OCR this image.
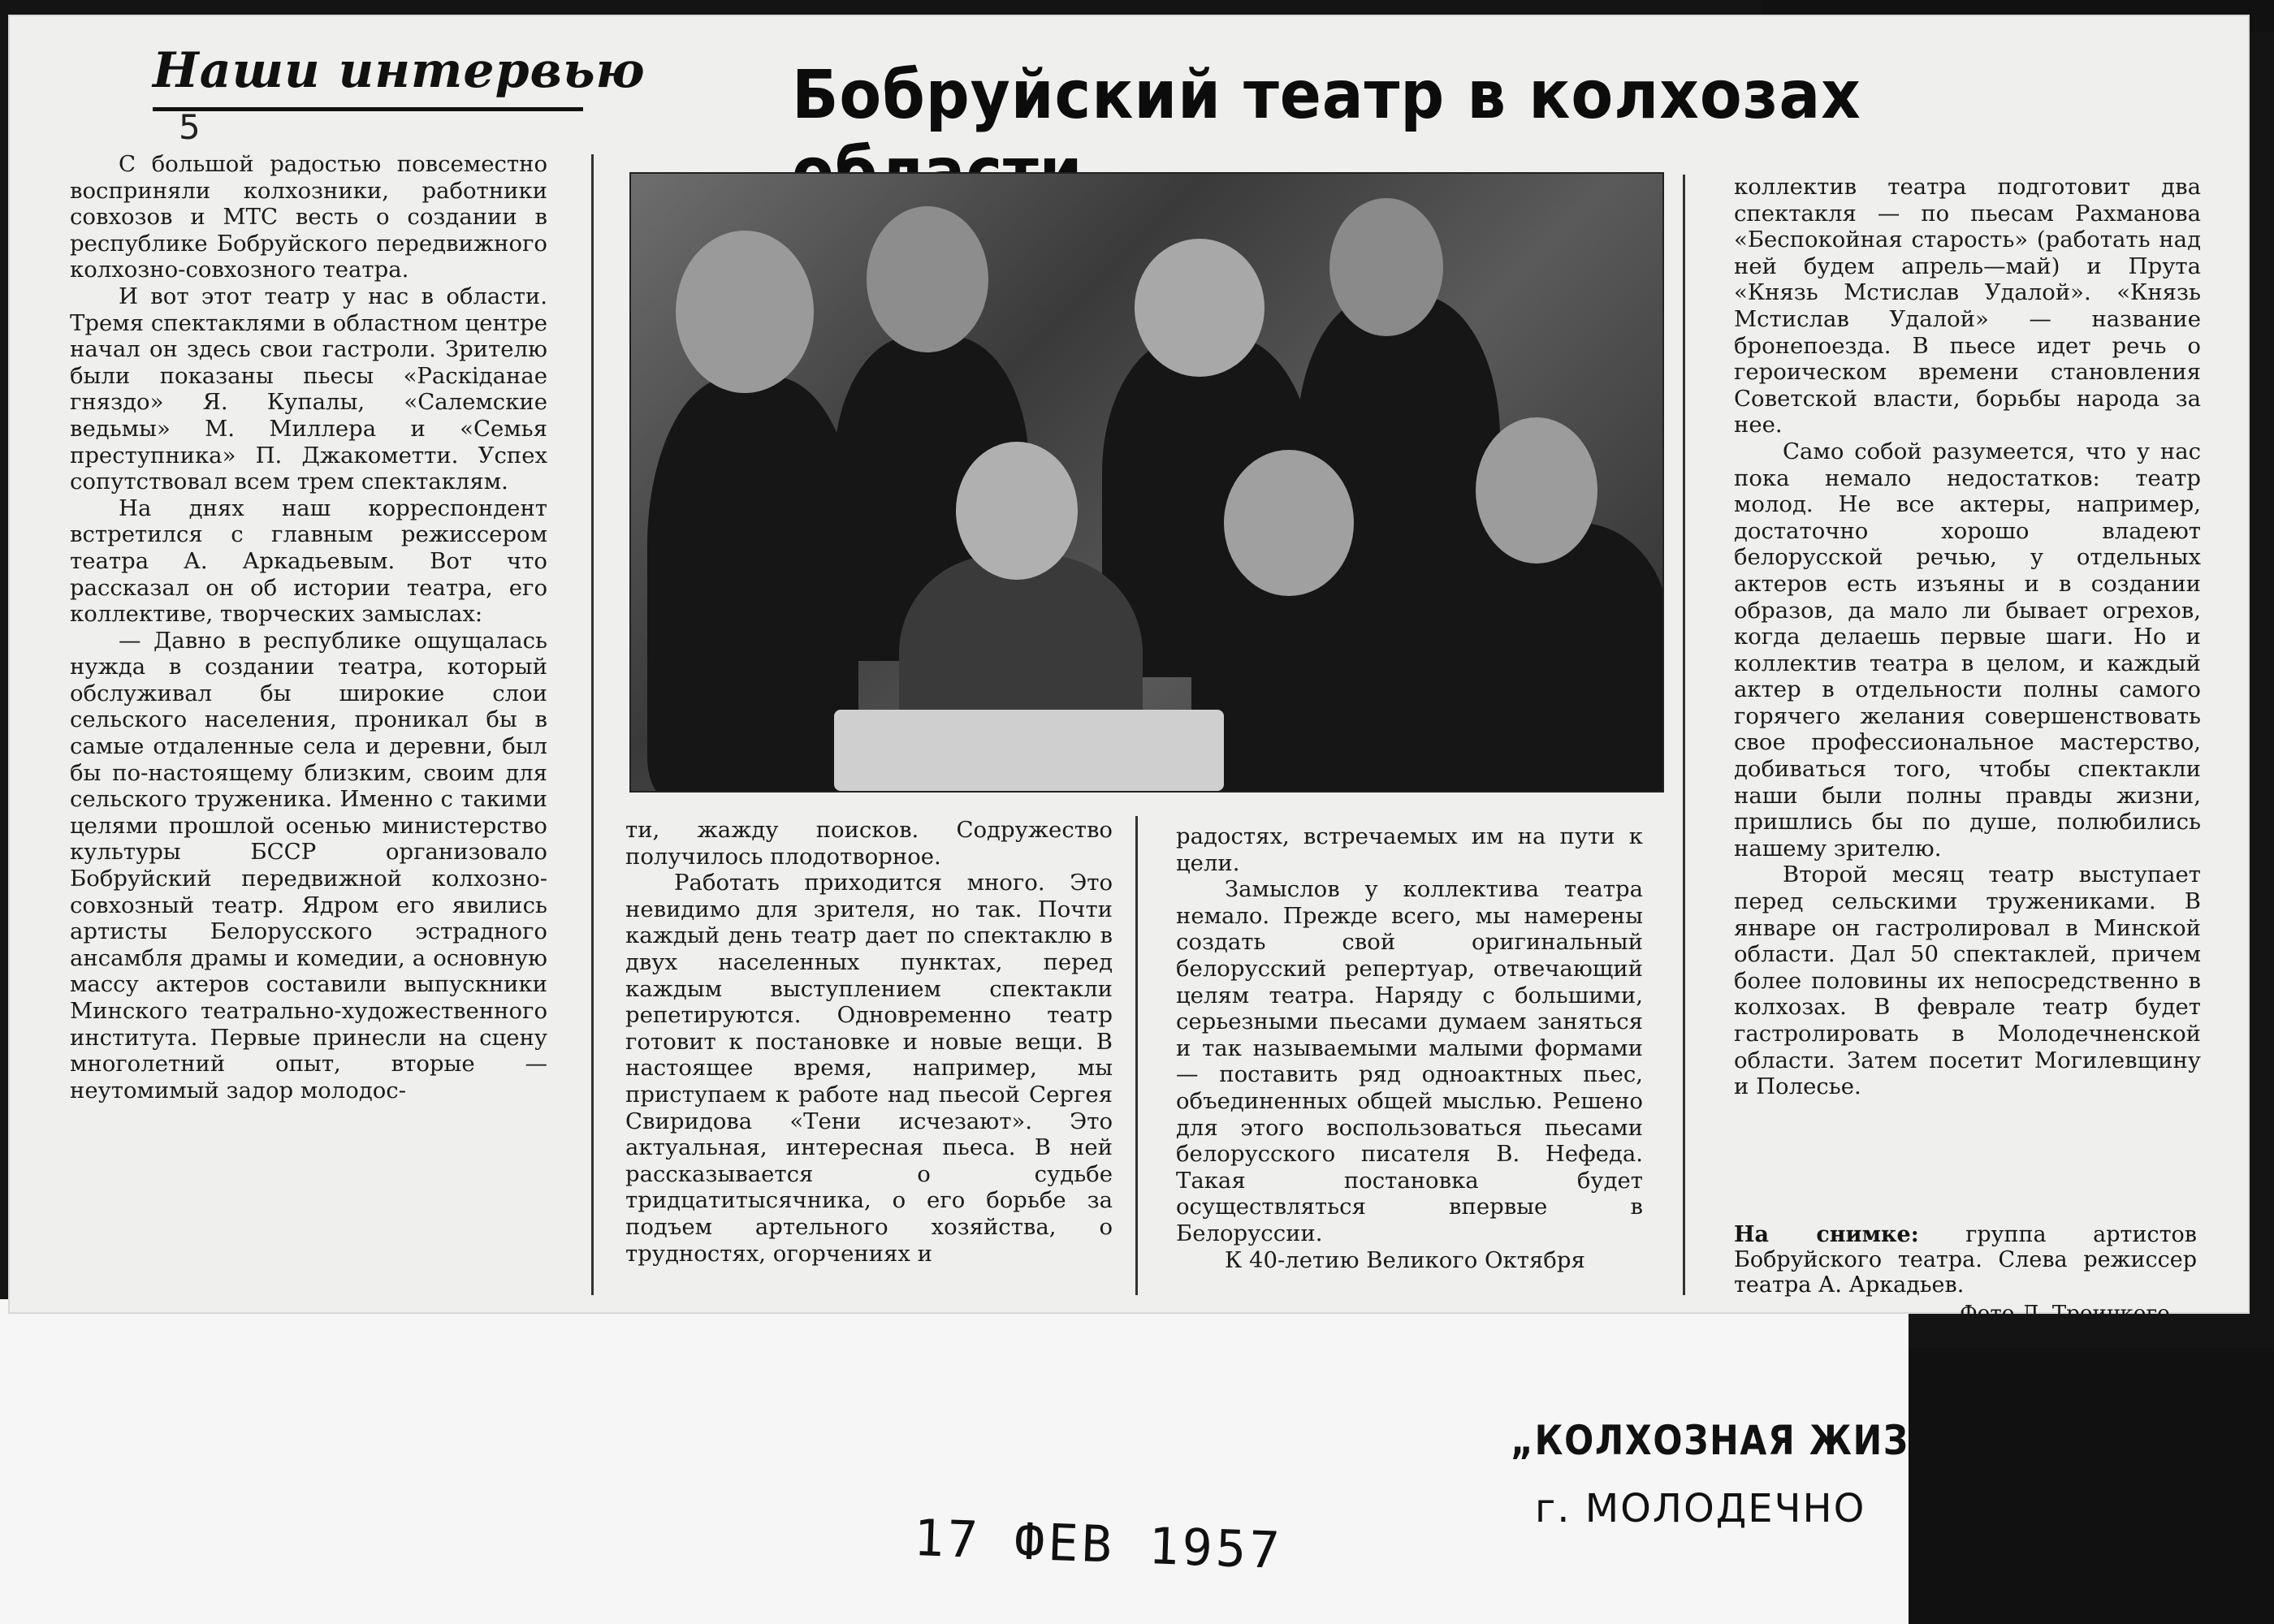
Наши интервью
5	Бобруйский театр в колхозах

С большой радостью повсеместно восприняли колхозники, работники совхозов и МТС весть о создании в республике Бобруйского передвижного колхозно-совхозного театра.

И вот этот театр у нас в области. Тремя спектаклями в областном центре начал он здесь свои гастроли. Зрителю были показаны пьесы «Раскіданае гняздо» Я. Купалы, «Салемские ведьмы» М. Миллера и «Семья преступника» П. Джакометти. Успех сопутствовал всем трем спектаклям.

На днях наш корреспондент встретился с главным режиссером театра А. Аркадьевым. Вот что рассказал он об истории театра, его коллективе, творческих замыслах:

— Давно в республике ощущалась нужда в создании театра, который обслуживал бы широкие слои сельского населения, проникал бы в самые отдаленные села и деревни, был бы по-настоящему близким, своим для сельского труженика. Именно с такими целями прошлой осенью министерство культуры БССР организовало Бобруйский передвижной колхозно-совхозный театр. Ядром его явились артисты Белорусского эстрадного ансамбля драмы и комедии, а основную массу актеров составили выпускники Минского театрально-художественного института. Первые принесли на сцену многолетний опыт, вторые — неутомимый задор молодос-

ти, жажду поисков. Содружество получилось плодотворное.

Работать приходится много. Это невидимо для зрителя, но так. Почти каждый день театр дает по спектаклю в двух населенных пунктах, перед каждым выступлением спектакли репетируются. Одновременно театр готовит к постановке и новые вещи. В настоящее время, например, мы приступаем к работе над пьесой Сергея Свиридова «Тени исчезают». Это актуальная, интересная пьеса. В ней рассказывается о судьбе тридцатитысячника, о его борьбе за подъем артельного хозяйства, о трудностях, огорчениях и

радостях, встречаемых им на пути к цели.

Замыслов у коллектива театра немало. Прежде всего, мы намерены создать свой оригинальный белорусский репертуар, отвечающий целям театра. Наряду с большими, серьезными пьесами думаем заняться и так называемыми малыми формами — поставить ряд одноактных пьес, объединенных общей мыслью. Решено для этого воспользоваться пьесами белорусского писателя В. Нефеда. Такая постановка будет осуществляться впервые в Белоруссии.

К 40-летию Великого Октября

коллектив театра подготовит два спектакля — по пьесам Рахманова «Беспокойная старость» (работать над ней будем апрель—май) и Прута «Князь Мстислав Удалой». «Князь Мстислав Удалой» — название бронепоезда. В пьесе идет речь о героическом времени становления Советской власти, борьбы народа за нее.

Само собой разумеется, что у нас пока немало недостатков: театр молод. Не все актеры, например, достаточно хорошо владеют белорусской речью, у отдельных актеров есть изъяны и в создании образов, да мало ли бывает огрехов, когда делаешь первые шаги. Но и коллектив театра в целом, и каждый актер в отдельности полны самого горячего желания совершенствовать свое профессиональное мастерство, добиваться того, чтобы спектакли наши были полны правды жизни, пришлись бы по душе, полюбились нашему зрителю.

Второй месяц театр выступает перед сельскими тружениками. В январе он гастролировал в Минской области. Дал 50 спектаклей, причем более половины их непосредственно в колхозах. В феврале театр будет гастролировать в Молодечненской области. Затем посетит Могилевщину и Полесье.

На снимке: группа артистов Бобруйского театра. Слева режиссер театра А. Аркадьев.
Фото Л. Троицкого.
„КОЛХОЗНАЯ ЖИЗНЬ"
г. МОЛОДЕЧНО
17 ФЕВ 1957
